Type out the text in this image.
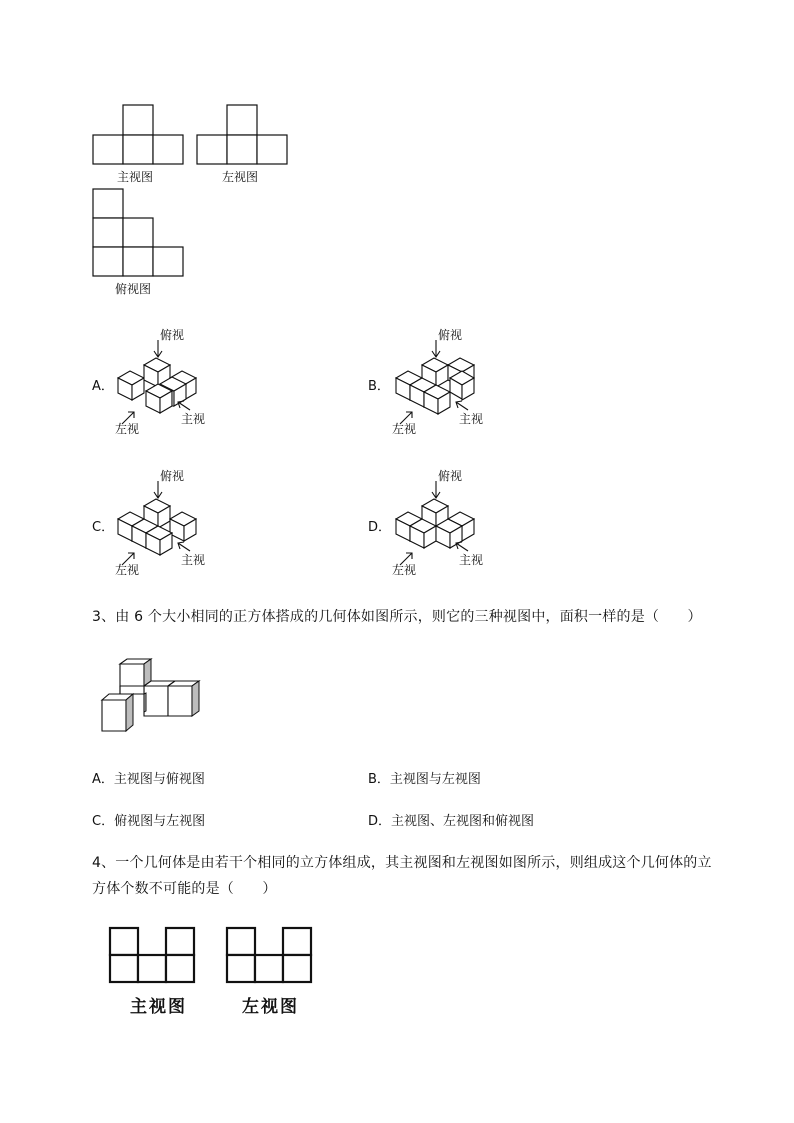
主视图	左视图
俯视图
A．
俯视
左视
主视
B．
俯视
左视
主视
C．
俯视
左视
主视
D．
俯视
左视
主视
3、由 6 个大小相同的正方体搭成的几何体如图所示，则它的三种视图中，面积一样的是（　　）
A．主视图与俯视图	B．主视图与左视图
C．俯视图与左视图	D．主视图、左视图和俯视图
4、一个几何体是由若干个相同的立方体组成，其主视图和左视图如图所示，则组成这个几何体的立
方体个数不可能的是（　　）
主视图	左视图
